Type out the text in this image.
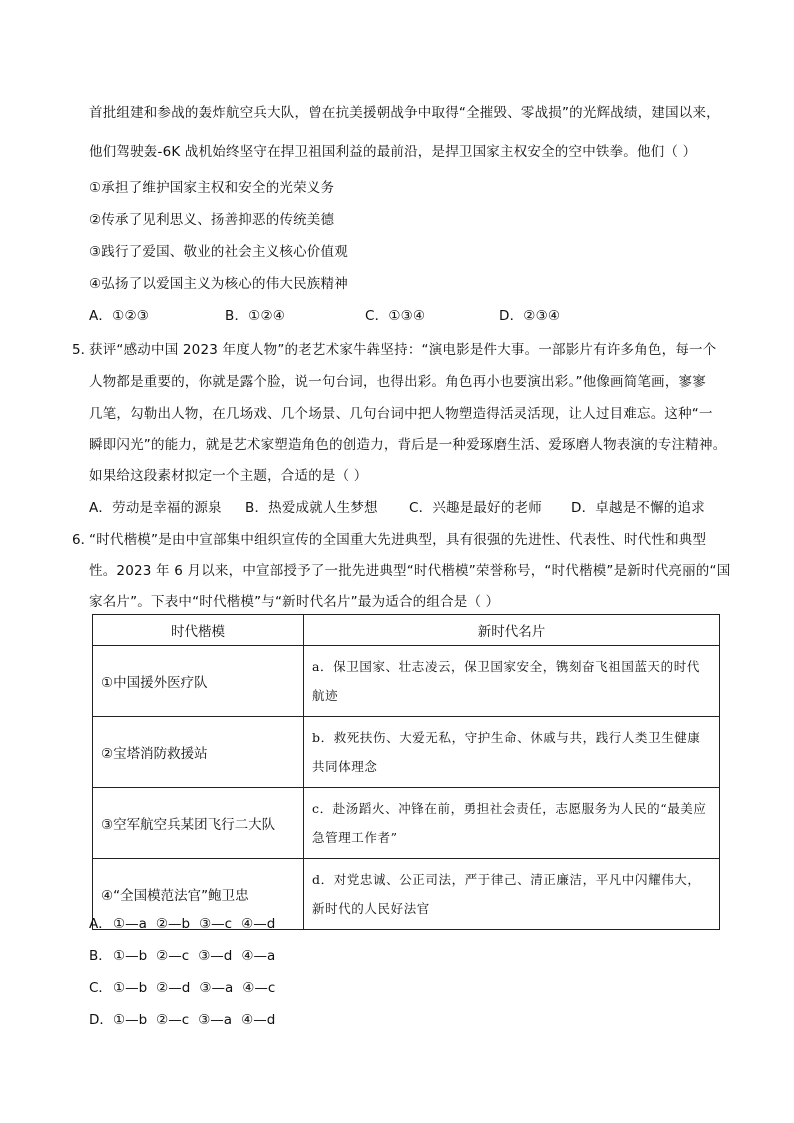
首批组建和参战的轰炸航空兵大队，曾在抗美援朝战争中取得“全摧毁、零战损”的光辉战绩，建国以来，
他们驾驶轰-6K 战机始终坚守在捍卫祖国利益的最前沿，是捍卫国家主权安全的空中铁拳。他们（ ）
①承担了维护国家主权和安全的光荣义务
②传承了见利思义、扬善抑恶的传统美德
③践行了爱国、敬业的社会主义核心价值观
④弘扬了以爱国主义为核心的伟大民族精神
A．①②③	B．①②④	C．①③④	D．②③④
5．
获评“感动中国 2023 年度人物”的老艺术家牛犇坚持：“演电影是件大事。一部影片有许多角色，每一个
人物都是重要的，你就是露个脸，说一句台词，也得出彩。角色再小也要演出彩。”他像画简笔画，寥寥
几笔，勾勒出人物，在几场戏、几个场景、几句台词中把人物塑造得活灵活现，让人过目难忘。这种“一
瞬即闪光”的能力，就是艺术家塑造角色的创造力，背后是一种爱琢磨生活、爱琢磨人物表演的专注精神。
如果给这段素材拟定一个主题，合适的是（ ）
A．劳动是幸福的源泉 B．热爱成就人生梦想 C．兴趣是最好的老师 D．卓越是不懈的追求
6．
“时代楷模”是由中宣部集中组织宣传的全国重大先进典型，具有很强的先进性、代表性、时代性和典型
性。2023 年 6 月以来，中宣部授予了一批先进典型“时代楷模”荣誉称号，“时代楷模”是新时代亮丽的“国
家名片”。下表中“时代楷模”与“新时代名片”最为适合的组合是（ ）
时代楷模	新时代名片
①中国援外医疗队	a．保卫国家、壮志凌云，保卫国家安全，镌刻奋飞祖国蓝天的时代航迹
②宝塔消防救援站	b．救死扶伤、大爱无私，守护生命、休戚与共，践行人类卫生健康共同体理念
③空军航空兵某团飞行二大队	c．赴汤蹈火、冲锋在前，勇担社会责任，志愿服务为人民的“最美应急管理工作者”
④“全国模范法官”鲍卫忠	d．对党忠诚、公正司法，严于律己、清正廉洁，平凡中闪耀伟大，新时代的人民好法官
A．①—a ②—b ③—c ④—d
B．①—b ②—c ③—d ④—a
C．①—b ②—d ③—a ④—c
D．①—b ②—c ③—a ④—d
